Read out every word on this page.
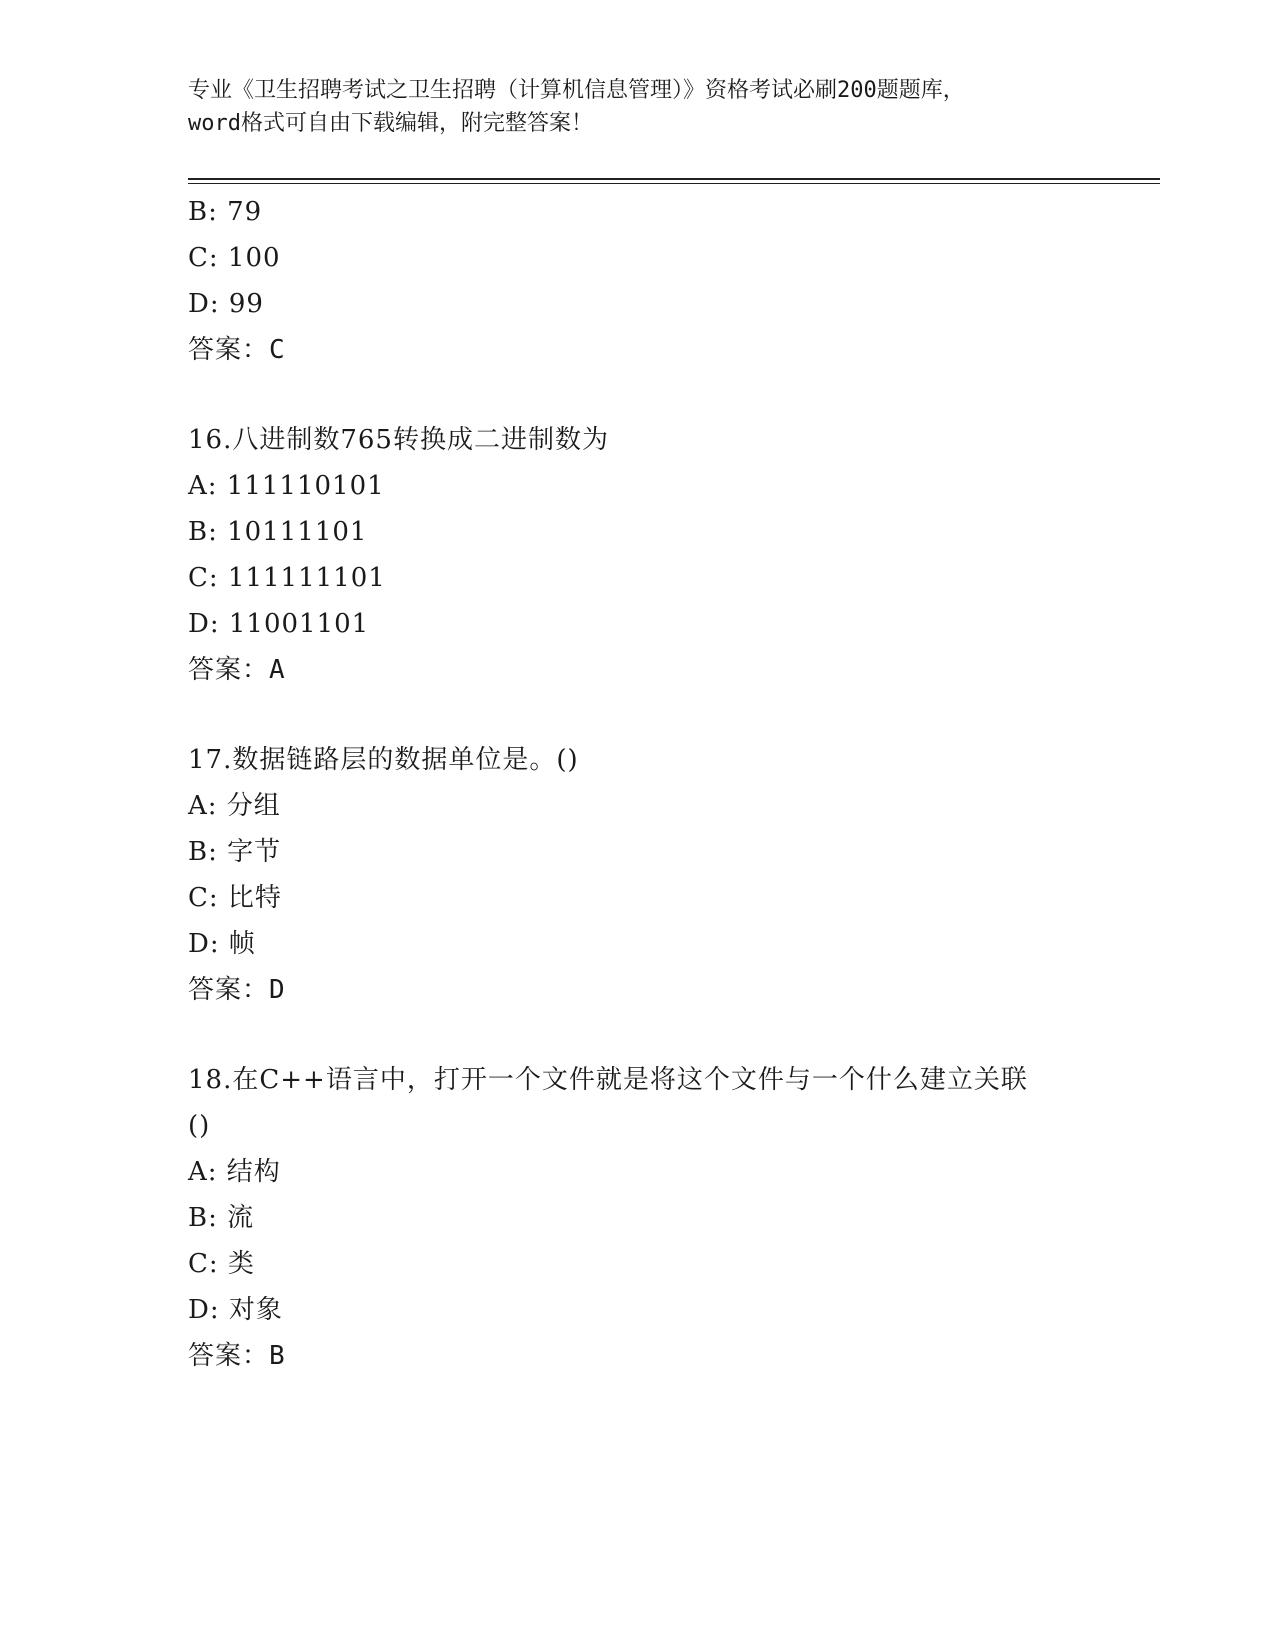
专业《卫生招聘考试之卫生招聘（计算机信息管理）》资格考试必刷200题题库，
word格式可自由下载编辑，附完整答案！
B: 79
C: 100
D: 99
答案：C
16.八进制数765转换成二进制数为
A: 111110101
B: 10111101
C: 111111101
D: 11001101
答案：A
17.数据链路层的数据单位是。()
A: 分组
B: 字节
C: 比特
D: 帧
答案：D
18.在C++语言中，打开一个文件就是将这个文件与一个什么建立关联
()
A: 结构
B: 流
C: 类
D: 对象
答案：B
